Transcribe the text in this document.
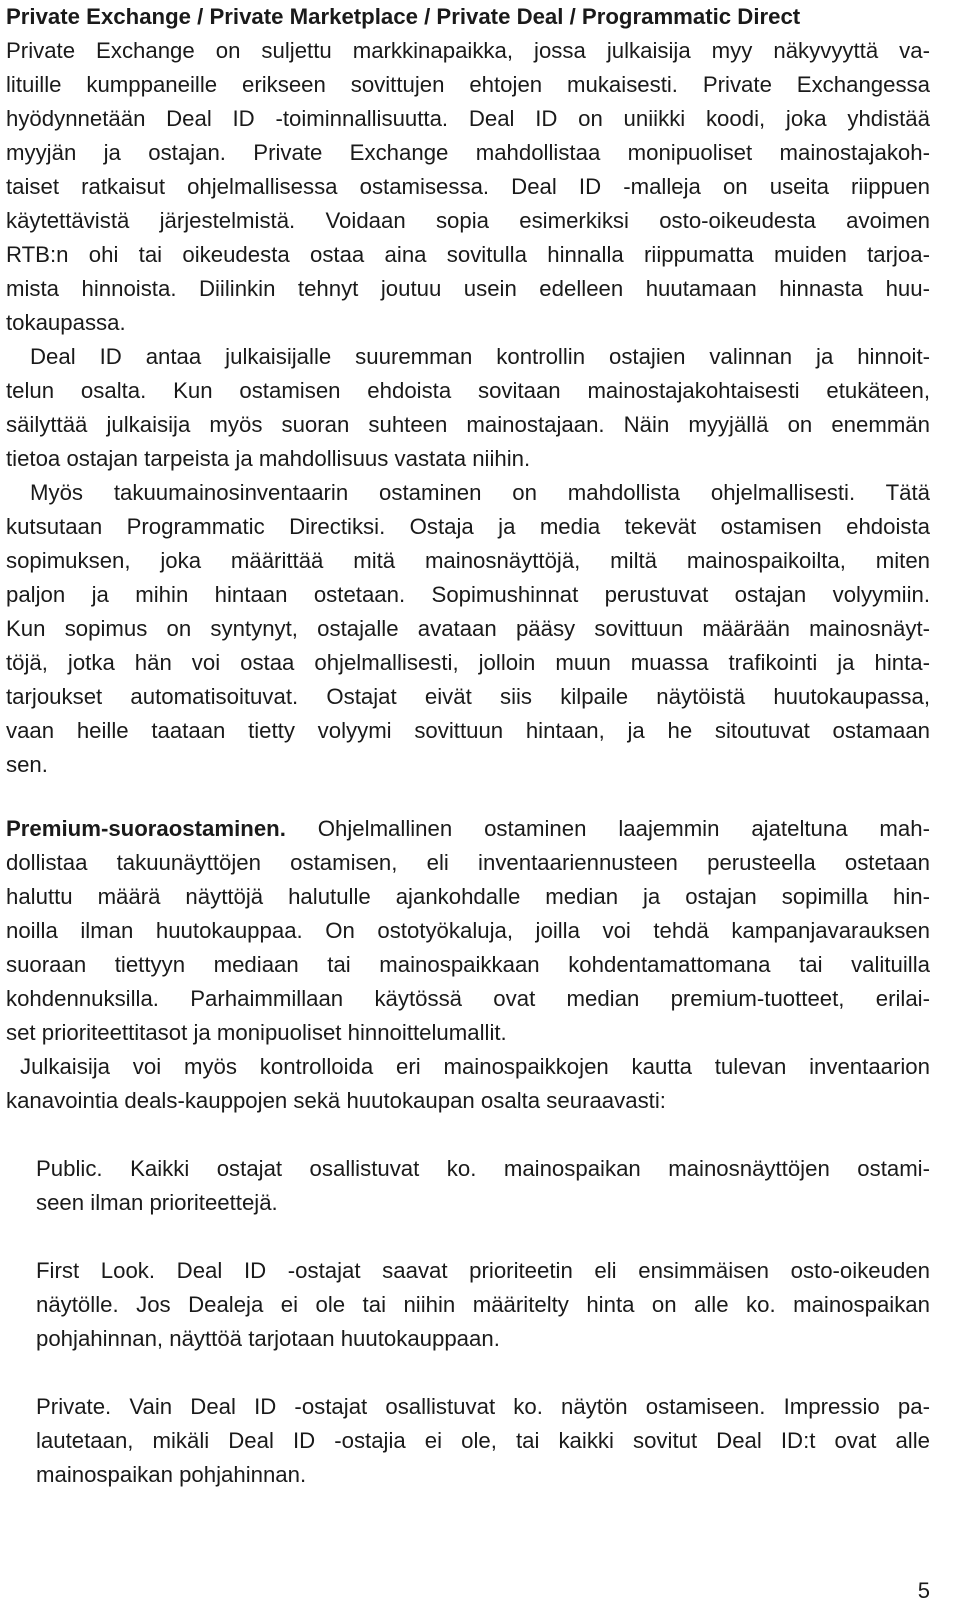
Private Exchange / Private Marketplace / Private Deal / Programmatic Direct
Private Exchange on suljettu markkinapaikka, jossa julkaisija myy näkyvyyttä va-
lituille kumppaneille erikseen sovittujen ehtojen mukaisesti. Private Exchangessa
hyödynnetään Deal ID -toiminnallisuutta. Deal ID on uniikki koodi, joka yhdistää
myyjän ja ostajan. Private Exchange mahdollistaa monipuoliset mainostajakoh-
taiset ratkaisut ohjelmallisessa ostamisessa. Deal ID -malleja on useita riippuen
käytettävistä järjestelmistä. Voidaan sopia esimerkiksi osto-oikeudesta avoimen
RTB:n ohi tai oikeudesta ostaa aina sovitulla hinnalla riippumatta muiden tarjoa-
mista hinnoista. Diilinkin tehnyt joutuu usein edelleen huutamaan hinnasta huu-
tokaupassa.
Deal ID antaa julkaisijalle suuremman kontrollin ostajien valinnan ja hinnoit-
telun osalta. Kun ostamisen ehdoista sovitaan mainostajakohtaisesti etukäteen,
säilyttää julkaisija myös suoran suhteen mainostajaan. Näin myyjällä on enemmän
tietoa ostajan tarpeista ja mahdollisuus vastata niihin.
Myös takuumainosinventaarin ostaminen on mahdollista ohjelmallisesti. Tätä
kutsutaan Programmatic Directiksi. Ostaja ja media tekevät ostamisen ehdoista
sopimuksen, joka määrittää mitä mainosnäyttöjä, miltä mainospaikoilta, miten
paljon ja mihin hintaan ostetaan. Sopimushinnat perustuvat ostajan volyymiin.
Kun sopimus on syntynyt, ostajalle avataan pääsy sovittuun määrään mainosnäyt-
töjä, jotka hän voi ostaa ohjelmallisesti, jolloin muun muassa trafikointi ja hinta-
tarjoukset automatisoituvat. Ostajat eivät siis kilpaile näytöistä huutokaupassa,
vaan heille taataan tietty volyymi sovittuun hintaan, ja he sitoutuvat ostamaan
sen.
Premium-suoraostaminen. Ohjelmallinen ostaminen laajemmin ajateltuna mah-
dollistaa takuunäyttöjen ostamisen, eli inventaariennusteen perusteella ostetaan
haluttu määrä näyttöjä halutulle ajankohdalle median ja ostajan sopimilla hin-
noilla ilman huutokauppaa. On ostotyökaluja, joilla voi tehdä kampanjavarauksen
suoraan tiettyyn mediaan tai mainospaikkaan kohdentamattomana tai valituilla
kohdennuksilla. Parhaimmillaan käytössä ovat median premium-tuotteet, erilai-
set prioriteettitasot ja monipuoliset hinnoittelumallit.
Julkaisija voi myös kontrolloida eri mainospaikkojen kautta tulevan inventaarion
kanavointia deals-kauppojen sekä huutokaupan osalta seuraavasti:
Public. Kaikki ostajat osallistuvat ko. mainospaikan mainosnäyttöjen ostami-
seen ilman prioriteettejä.
First Look. Deal ID -ostajat saavat prioriteetin eli ensimmäisen osto-oikeuden
näytölle. Jos Dealeja ei ole tai niihin määritelty hinta on alle ko. mainospaikan
pohjahinnan, näyttöä tarjotaan huutokauppaan.
Private. Vain Deal ID -ostajat osallistuvat ko. näytön ostamiseen. Impressio pa-
lautetaan, mikäli Deal ID -ostajia ei ole, tai kaikki sovitut Deal ID:t ovat alle
mainospaikan pohjahinnan.
5
